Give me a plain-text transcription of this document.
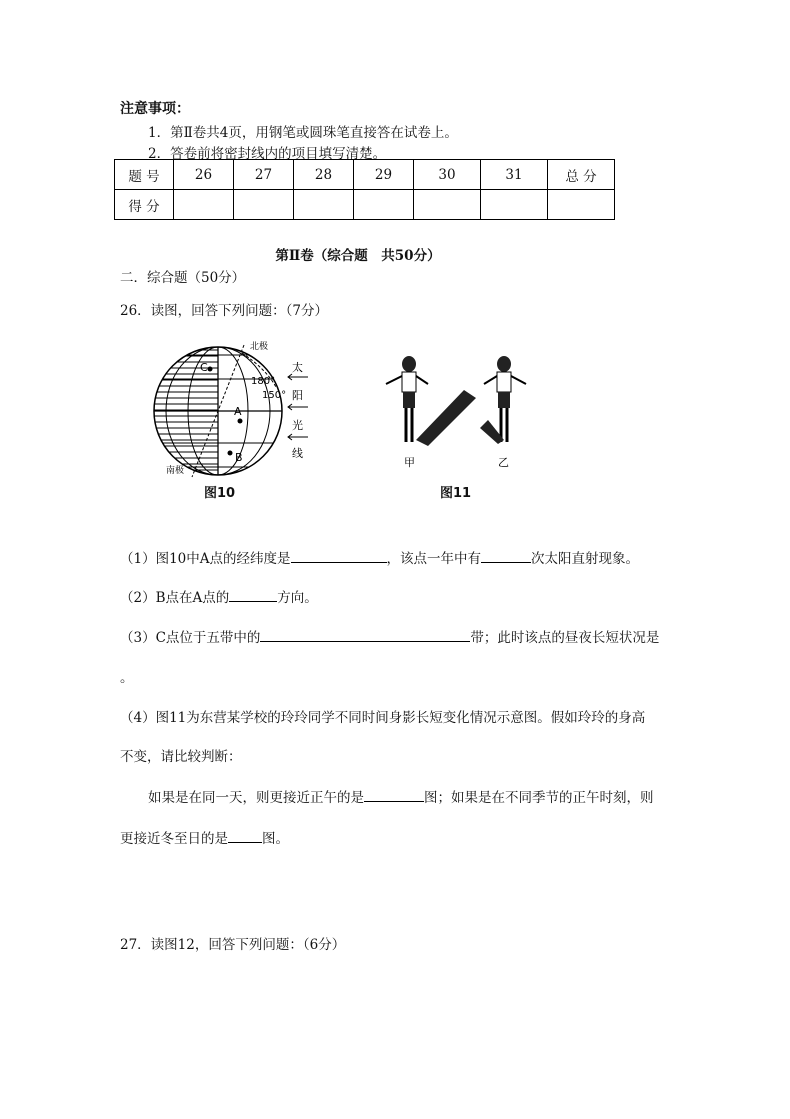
注意事项：
1．第Ⅱ卷共4页，用钢笔或圆珠笔直接答在试卷上。
2．答卷前将密封线内的项目填写清楚。
题 号	26	27	28	29	30	31	总 分
得 分							
第Ⅱ卷（综合题　共50分）
二．综合题（50分）
26．读图，回答下列问题：（7分）
C
A
B
北极
南极
180°
150°
太
阳
光
线
图10
甲	乙
图11
（1）图10中A点的经纬度是	，该点一年中有	次太阳直射现象。
（2）B点在A点的	方向。
（3）C点位于五带中的	带；此时该点的昼夜长短状况是
。
（4）图11为东营某学校的玲玲同学不同时间身影长短变化情况示意图。假如玲玲的身高
不变，请比较判断：
如果是在同一天，则更接近正午的是	图；如果是在不同季节的正午时刻，则
更接近冬至日的是	图。
27．读图12，回答下列问题：（6分）
